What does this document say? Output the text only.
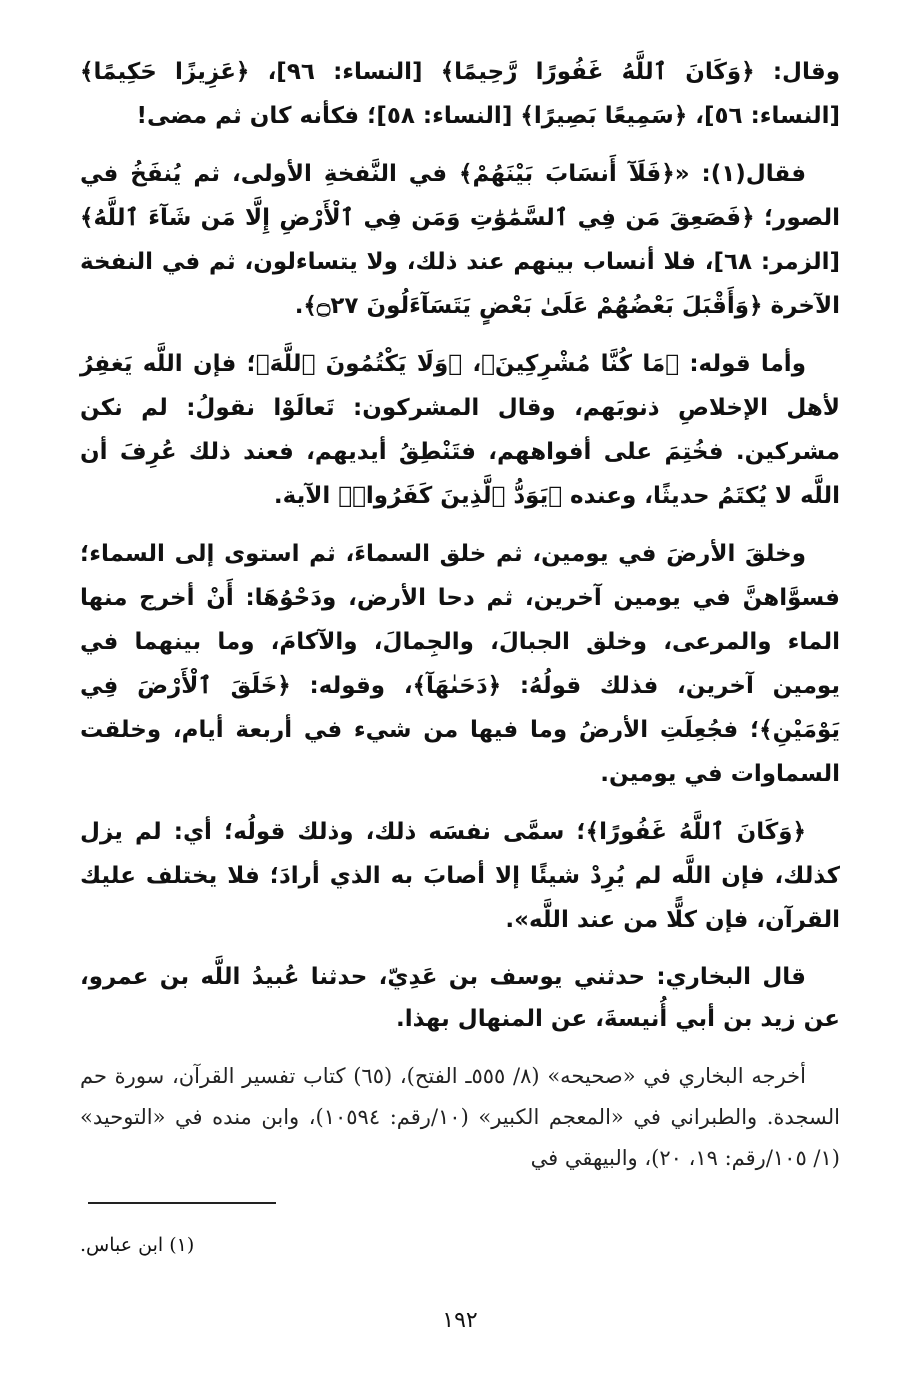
وقال: ﴿وَكَانَ ٱللَّهُ غَفُورًا رَّحِيمًا﴾ [النساء: ٩٦]، ﴿عَزِيزًا حَكِيمًا﴾ [النساء: ٥٦]، ﴿سَمِيعًا بَصِيرًا﴾ [النساء: ٥٨]؛ فكأنه كان ثم مضى!

فقال(١): «﴿فَلَآ أَنسَابَ بَيْنَهُمْ﴾ في النَّفخةِ الأولى، ثم يُنفَخُ في الصور؛ ﴿فَصَعِقَ مَن فِي ٱلسَّمَٰوَٰتِ وَمَن فِي ٱلْأَرْضِ إِلَّا مَن شَآءَ ٱللَّهُ﴾ [الزمر: ٦٨]، فلا أنساب بينهم عند ذلك، ولا يتساءلون، ثم في النفخة الآخرة ﴿وَأَقْبَلَ بَعْضُهُمْ عَلَىٰ بَعْضٍ يَتَسَآءَلُونَ ۝٢٧﴾.

وأما قوله: ﴿مَا كُنَّا مُشْرِكِينَ﴾، ﴿وَلَا يَكْتُمُونَ ٱللَّهَ﴾؛ فإن اللَّه يَغفِرُ لأهل الإخلاصِ ذنوبَهم، وقال المشركون: تَعالَوْا نقولُ: لم نكن مشركين. فخُتِمَ على أفواههم، فتَنْطِقُ أيديهم، فعند ذلك عُرِفَ أن اللَّه لا يُكتَمُ حديثًا، وعنده ﴿يَوَدُّ ٱلَّذِينَ كَفَرُوا۟﴾ الآية.

وخلقَ الأرضَ في يومين، ثم خلق السماءَ، ثم استوى إلى السماء؛ فسوَّاهنَّ في يومين آخرين، ثم دحا الأرض، ودَحْوُهَا: أَنْ أخرج منها الماء والمرعى، وخلق الجبالَ، والجِمالَ، والآكامَ، وما بينهما في يومين آخرين، فذلك قولُهُ: ﴿دَحَىٰهَآ﴾، وقوله: ﴿خَلَقَ ٱلْأَرْضَ فِي يَوْمَيْنِ﴾؛ فجُعِلَتِ الأرضُ وما فيها من شيء في أربعة أيام، وخلقت السماوات في يومين.

﴿وَكَانَ ٱللَّهُ غَفُورًا﴾؛ سمَّى نفسَه ذلك، وذلك قولُه؛ أي: لم يزل كذلك، فإن اللَّه لم يُرِدْ شيئًا إلا أصابَ به الذي أرادَ؛ فلا يختلف عليك القرآن، فإن كلًّا من عند اللَّه».

قال البخاري: حدثني يوسف بن عَدِيّ، حدثنا عُبيدُ اللَّه بن عمرو، عن زيد بن أبي أُنيسةَ، عن المنهال بهذا.

أخرجه البخاري في «صحيحه» (٨/ ٥٥٥ـ الفتح)، (٦٥) كتاب تفسير القرآن، سورة حم السجدة. والطبراني في «المعجم الكبير» (١٠/رقم: ١٠٥٩٤)، وابن منده في «التوحيد» (١/ ١٠٥/رقم: ١٩، ٢٠)، والبيهقي في

(١) ابن عباس.
١٩٢
